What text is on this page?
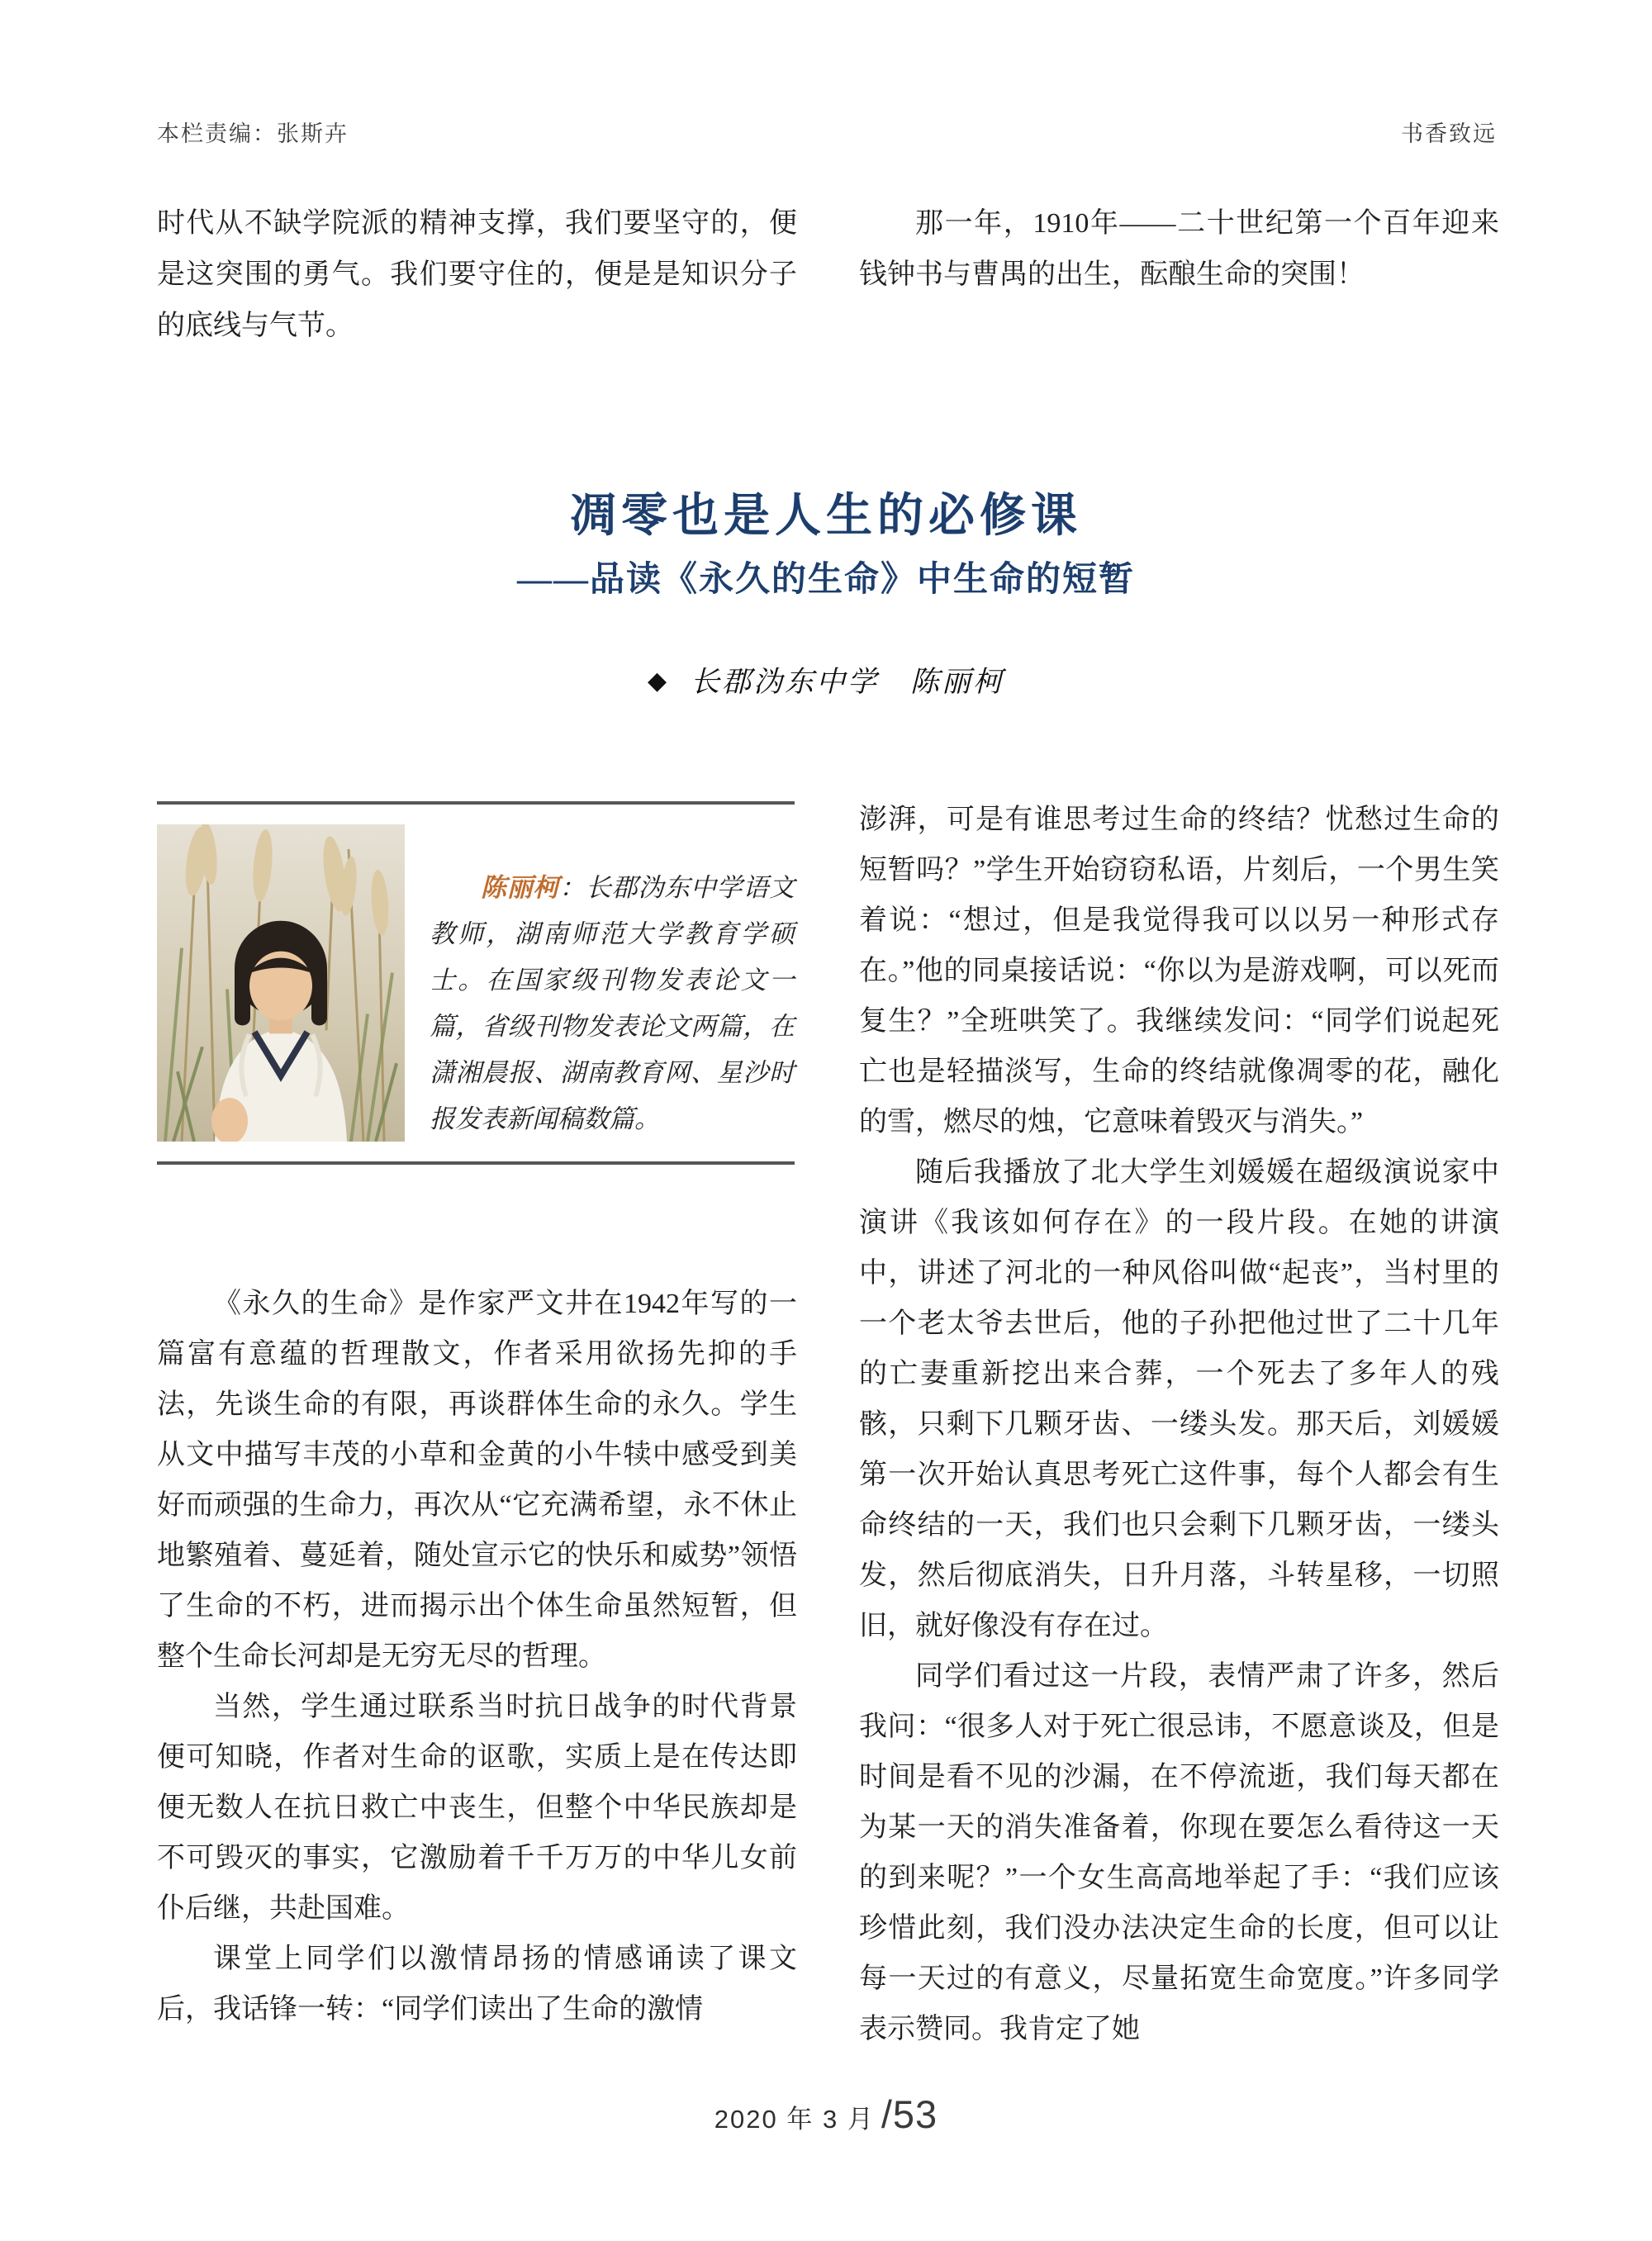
本栏责编：张斯卉	书香致远
时代从不缺学院派的精神支撑，我们要坚守的，便是这突围的勇气。我们要守住的，便是是知识分子的底线与气节。
那一年，1910年——二十世纪第一个百年迎来钱钟书与曹禺的出生，酝酿生命的突围！
凋零也是人生的必修课
——品读《永久的生命》中生命的短暂
◆ 长郡沩东中学　陈丽柯

陈丽柯：长郡沩东中学语文教师，湖南师范大学教育学硕士。在国家级刊物发表论文一篇，省级刊物发表论文两篇，在潇湘晨报、湖南教育网、星沙时报发表新闻稿数篇。

《永久的生命》是作家严文井在1942年写的一篇富有意蕴的哲理散文，作者采用欲扬先抑的手法，先谈生命的有限，再谈群体生命的永久。学生从文中描写丰茂的小草和金黄的小牛犊中感受到美好而顽强的生命力，再次从“它充满希望，永不休止地繁殖着、蔓延着，随处宣示它的快乐和威势”领悟了生命的不朽，进而揭示出个体生命虽然短暂，但整个生命长河却是无穷无尽的哲理。

当然，学生通过联系当时抗日战争的时代背景便可知晓，作者对生命的讴歌，实质上是在传达即便无数人在抗日救亡中丧生，但整个中华民族却是不可毁灭的事实，它激励着千千万万的中华儿女前仆后继，共赴国难。

课堂上同学们以激情昂扬的情感诵读了课文后，我话锋一转：“同学们读出了生命的激情

澎湃，可是有谁思考过生命的终结？忧愁过生命的短暂吗？”学生开始窃窃私语，片刻后，一个男生笑着说：“想过，但是我觉得我可以以另一种形式存在。”他的同桌接话说：“你以为是游戏啊，可以死而复生？”全班哄笑了。我继续发问：“同学们说起死亡也是轻描淡写，生命的终结就像凋零的花，融化的雪，燃尽的烛，它意味着毁灭与消失。”

随后我播放了北大学生刘媛媛在超级演说家中演讲《我该如何存在》的一段片段。在她的讲演中，讲述了河北的一种风俗叫做“起丧”，当村里的一个老太爷去世后，他的子孙把他过世了二十几年的亡妻重新挖出来合葬，一个死去了多年人的残骸，只剩下几颗牙齿、一缕头发。那天后，刘媛媛第一次开始认真思考死亡这件事，每个人都会有生命终结的一天，我们也只会剩下几颗牙齿，一缕头发，然后彻底消失，日升月落，斗转星移，一切照旧，就好像没有存在过。

同学们看过这一片段，表情严肃了许多，然后我问：“很多人对于死亡很忌讳，不愿意谈及，但是时间是看不见的沙漏，在不停流逝，我们每天都在为某一天的消失准备着，你现在要怎么看待这一天的到来呢？”一个女生高高地举起了手：“我们应该珍惜此刻，我们没办法决定生命的长度，但可以让每一天过的有意义，尽量拓宽生命宽度。”许多同学表示赞同。我肯定了她

2020 年 3 月 /53
